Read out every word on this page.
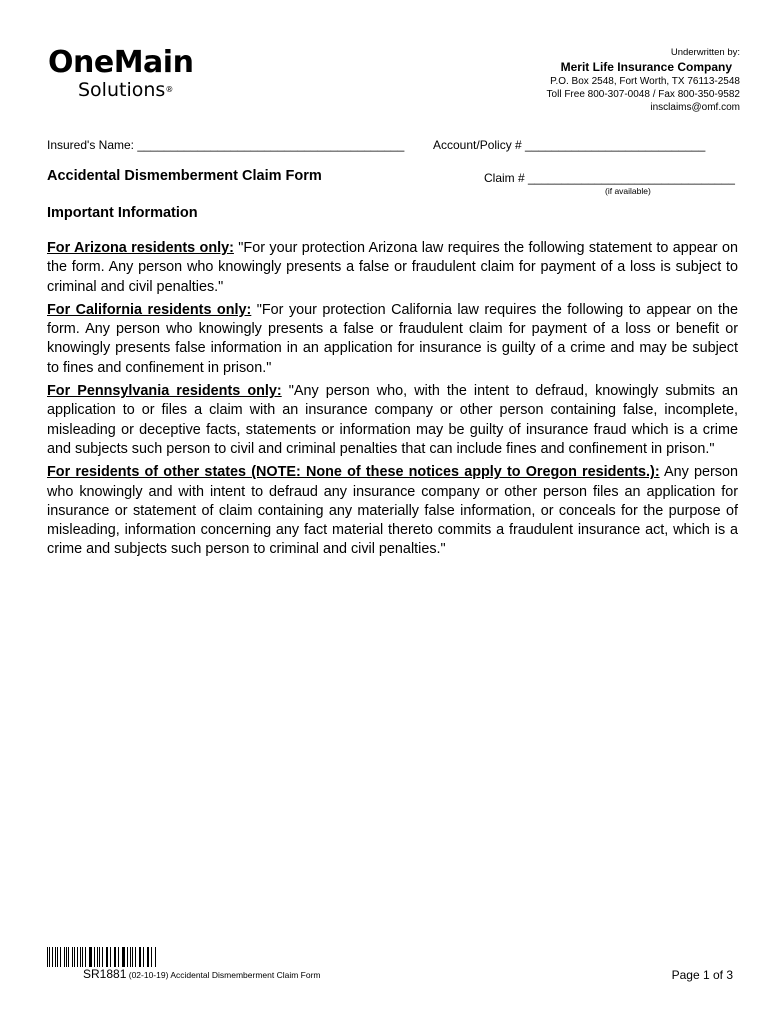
OneMain
Solutions®
Underwritten by:
Merit Life Insurance Company
P.O. Box 2548, Fort Worth, TX 76113-2548
Toll Free 800-307-0048 / Fax 800-350-9582
insclaims@omf.com
Insured's Name: ________________________________________ Account/Policy # ___________________________
Accidental Dismemberment Claim Form	Claim # _______________________________
(if available)
Important Information

For Arizona residents only: "For your protection Arizona law requires the following statement to appear on the form. Any person who knowingly presents a false or fraudulent claim for payment of a loss is subject to criminal and civil penalties."

For California residents only: "For your protection California law requires the following to appear on the form. Any person who knowingly presents a false or fraudulent claim for payment of a loss or benefit or knowingly presents false information in an application for insurance is guilty of a crime and may be subject to fines and confinement in prison."

For Pennsylvania residents only: "Any person who, with the intent to defraud, knowingly submits an application to or files a claim with an insurance company or other person containing false, incomplete, misleading or deceptive facts, statements or information may be guilty of insurance fraud which is a crime and subjects such person to civil and criminal penalties that can include fines and confinement in prison."

For residents of other states (NOTE: None of these notices apply to Oregon residents.): Any person who knowingly and with intent to defraud any insurance company or other person files an application for insurance or statement of claim containing any materially false information, or conceals for the purpose of misleading, information concerning any fact material thereto commits a fraudulent insurance act, which is a crime and subjects such person to criminal and civil penalties."

SR1881 (02-10-19) Accidental Dismemberment Claim Form	Page 1 of 3
